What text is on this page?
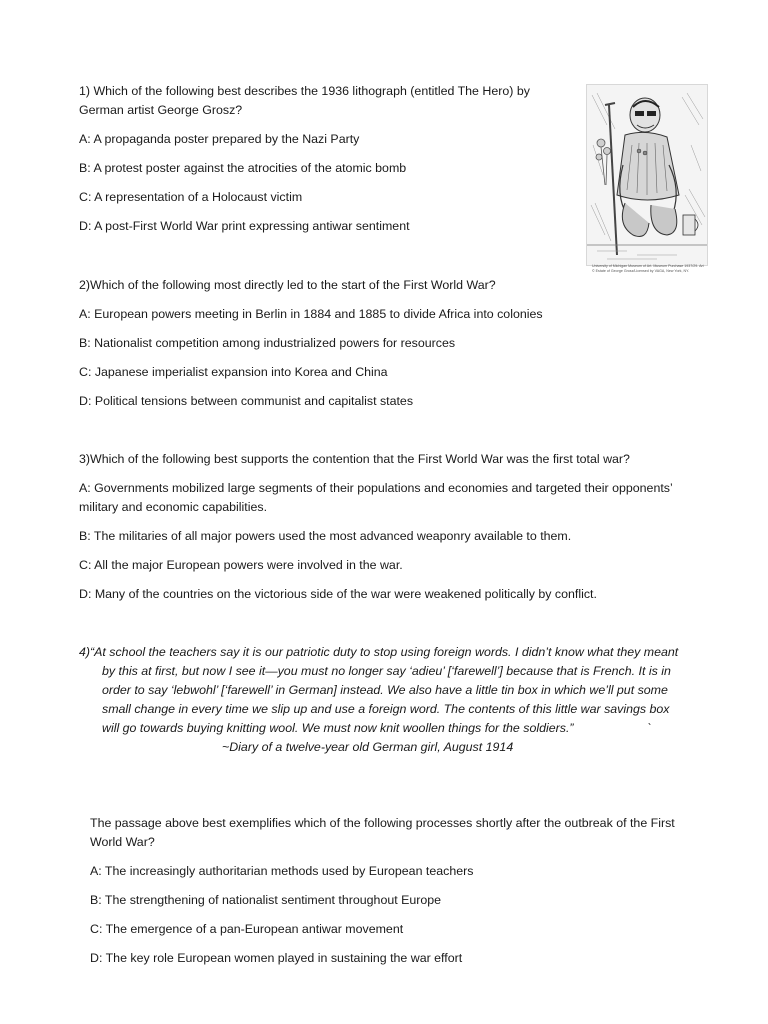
1) Which of the following best describes the 1936 lithograph (entitled The Hero) by German artist George Grosz?

A: A propaganda poster prepared by the Nazi Party

B: A protest poster against the atrocities of the atomic bomb

C: A representation of a Holocaust victim

D: A post-First World War print expressing antiwar sentiment

University of Michigan Museum of Art. Museum Purchase 1937/29. Art © Estate of George Grosz/Licensed by VAGA, New York, NY.

2)Which of the following most directly led to the start of the First World War?

A: European powers meeting in Berlin in 1884 and 1885 to divide Africa into colonies

B: Nationalist competition among industrialized powers for resources

C: Japanese imperialist expansion into Korea and China

D: Political tensions between communist and capitalist states

3)Which of the following best supports the contention that the First World War was the first total war?

A: Governments mobilized large segments of their populations and economies and targeted their opponents’ military and economic capabilities.

B: The militaries of all major powers used the most advanced weaponry available to them.

C: All the major European powers were involved in the war.

D: Many of the countries on the victorious side of the war were weakened politically by conflict.

4)“At school the teachers say it is our patriotic duty to stop using foreign words. I didn’t know what they meant by this at first, but now I see it—you must no longer say ‘adieu’ [‘farewell’] because that is French. It is in order to say ‘lebwohl’ [‘farewell’ in German] instead. We also have a little tin box in which we’ll put some small change in every time we slip up and use a foreign word. The contents of this little war savings box will go towards buying knitting wool. We must now knit woollen things for the soldiers.”	`~Diary of a twelve-year old German girl, August 1914

The passage above best exemplifies which of the following processes shortly after the outbreak of the First World War?

A: The increasingly authoritarian methods used by European teachers

B: The strengthening of nationalist sentiment throughout Europe

C: The emergence of a pan-European antiwar movement

D: The key role European women played in sustaining the war effort
